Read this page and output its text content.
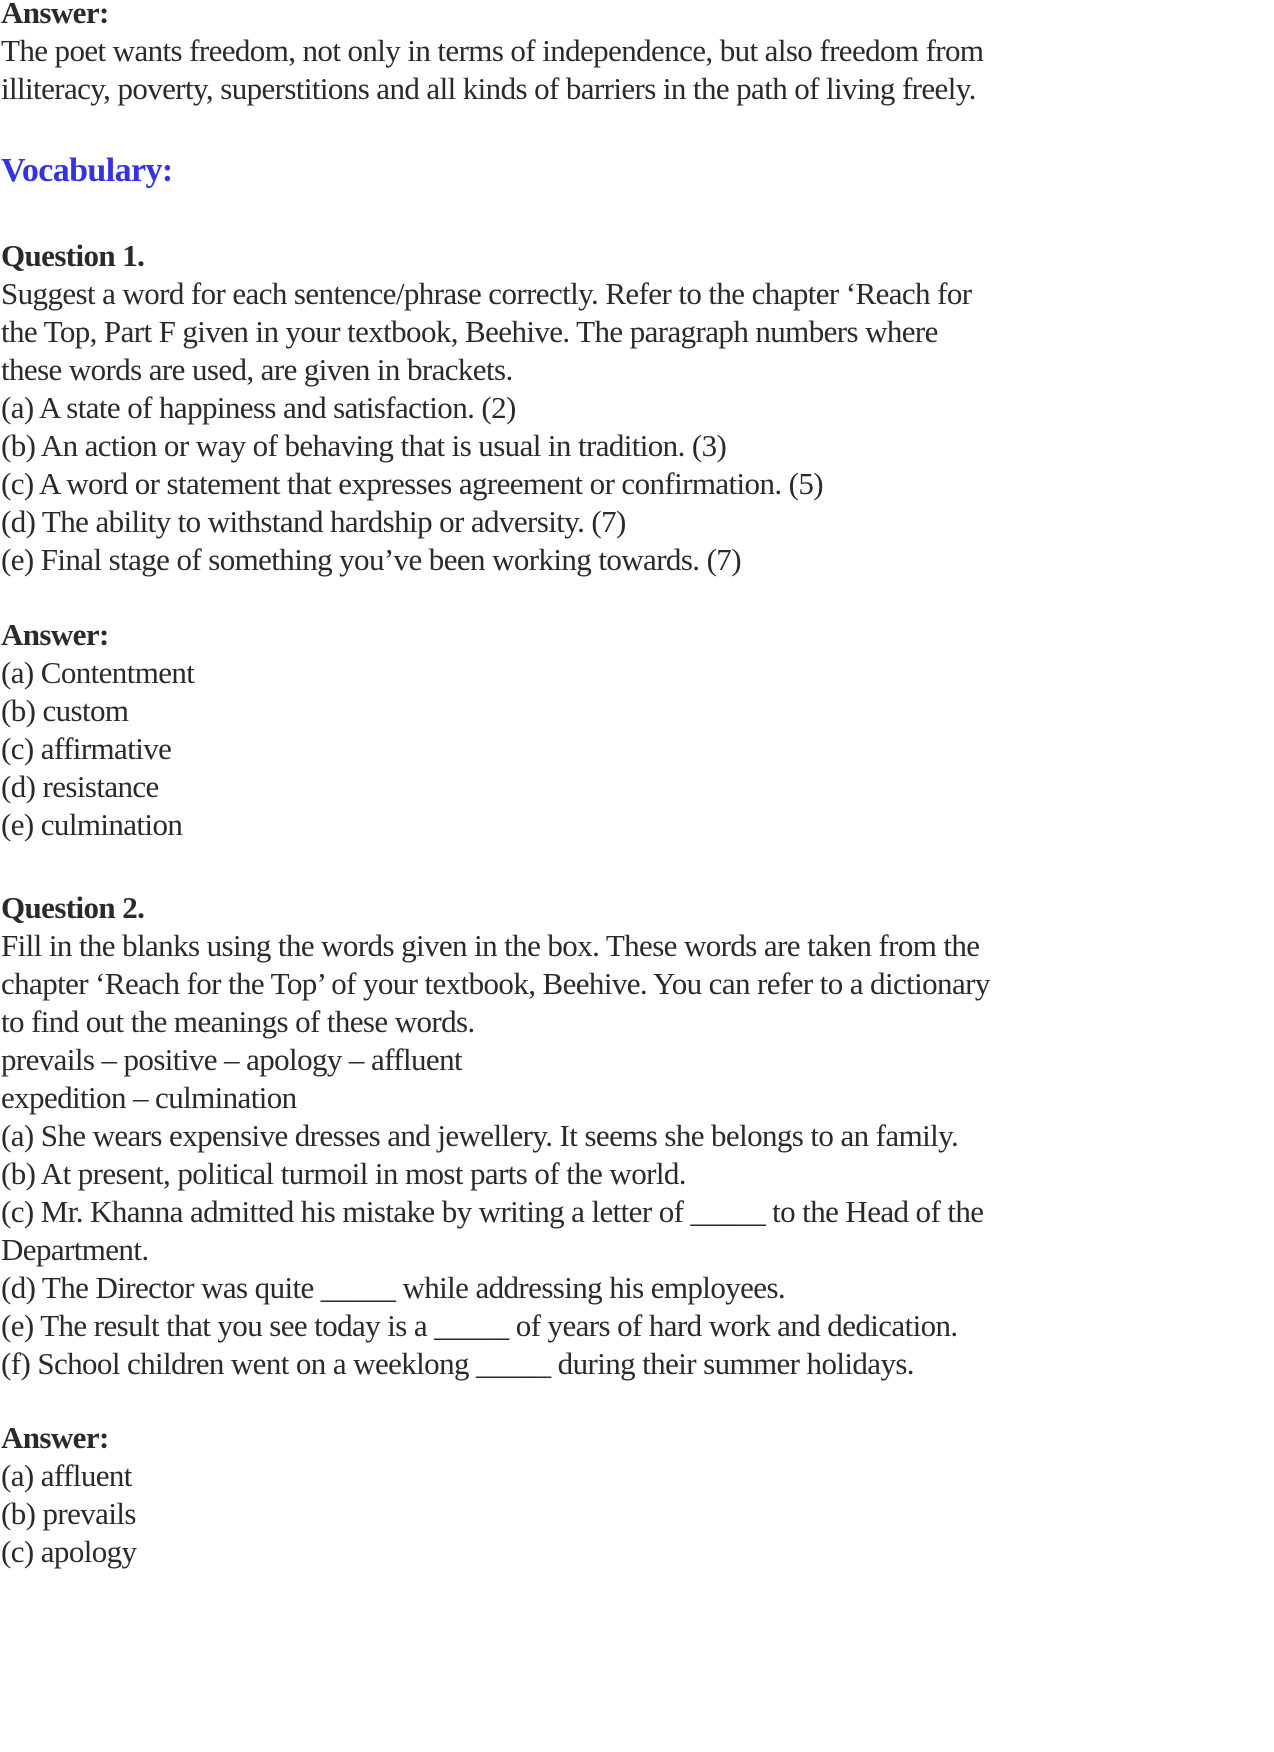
Answer:
The poet wants freedom, not only in terms of independence, but also freedom from
illiteracy, poverty, superstitions and all kinds of barriers in the path of living freely.
Vocabulary:
Question 1.
Suggest a word for each sentence/phrase correctly. Refer to the chapter ‘Reach for
the Top, Part F given in your textbook, Beehive. The paragraph numbers where
these words are used, are given in brackets.
(a) A state of happiness and satisfaction. (2)
(b) An action or way of behaving that is usual in tradition. (3)
(c) A word or statement that expresses agreement or confirmation. (5)
(d) The ability to withstand hardship or adversity. (7)
(e) Final stage of something you’ve been working towards. (7)
Answer:
(a) Contentment
(b) custom
(c) affirmative
(d) resistance
(e) culmination
Question 2.
Fill in the blanks using the words given in the box. These words are taken from the
chapter ‘Reach for the Top’ of your textbook, Beehive. You can refer to a dictionary
to find out the meanings of these words.
prevails – positive – apology – affluent
expedition – culmination
(a) She wears expensive dresses and jewellery. It seems she belongs to an family.
(b) At present, political turmoil in most parts of the world.
(c) Mr. Khanna admitted his mistake by writing a letter of _____ to the Head of the
Department.
(d) The Director was quite _____ while addressing his employees.
(e) The result that you see today is a _____ of years of hard work and dedication.
(f) School children went on a weeklong _____ during their summer holidays.
Answer:
(a) affluent
(b) prevails
(c) apology
